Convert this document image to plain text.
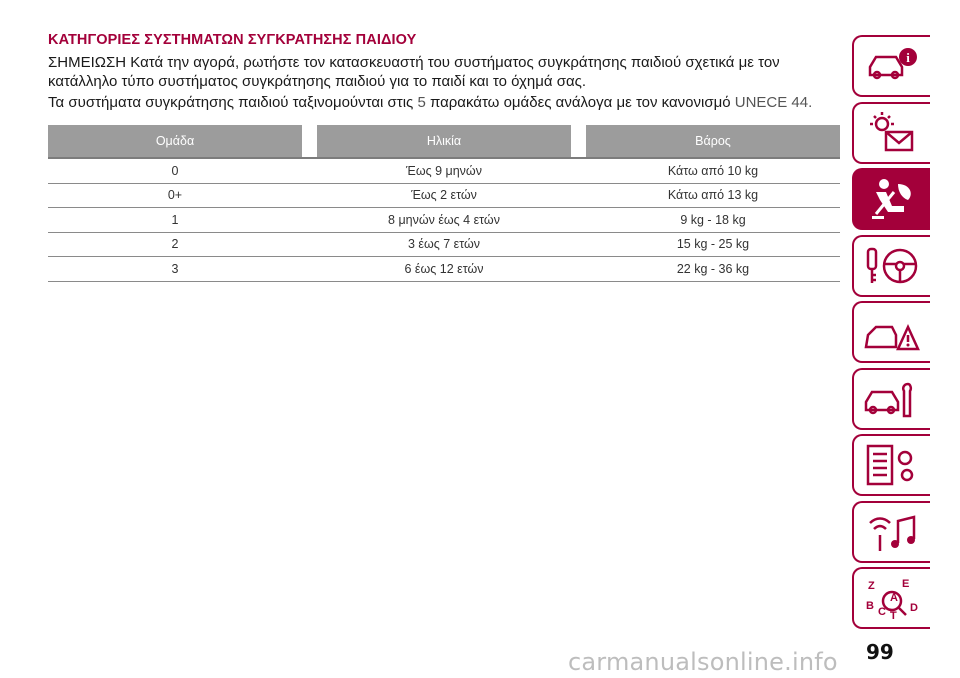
ΚΑΤΗΓΟΡΙΕΣ ΣΥΣΤΗΜΑΤΩΝ ΣΥΓΚΡΑΤΗΣΗΣ ΠΑΙΔΙΟΥ

ΣΗΜΕΙΩΣΗ Κατά την αγορά, ρωτήστε τον κατασκευαστή του συστήματος συγκράτησης παιδιού σχετικά με τον κατάλληλο τύπο συστήματος συγκράτησης παιδιού για το παιδί και το όχημά σας.

Τα συστήματα συγκράτησης παιδιού ταξινομούνται στις 5 παρακάτω ομάδες ανάλογα με τον κανονισμό UNECE 44.

Ομάδα	Ηλικία	Βάρος
0	Έως 9 μηνών	Κάτω από 10 kg
0+	Έως 2 ετών	Κάτω από 13 kg
1	8 μηνών έως 4 ετών	9 kg - 18 kg
2	3 έως 7 ετών	15 kg - 25 kg
3	6 έως 12 ετών	22 kg - 36 kg
i
Z E
B
A
C D
T
99
carmanualsonline.info
